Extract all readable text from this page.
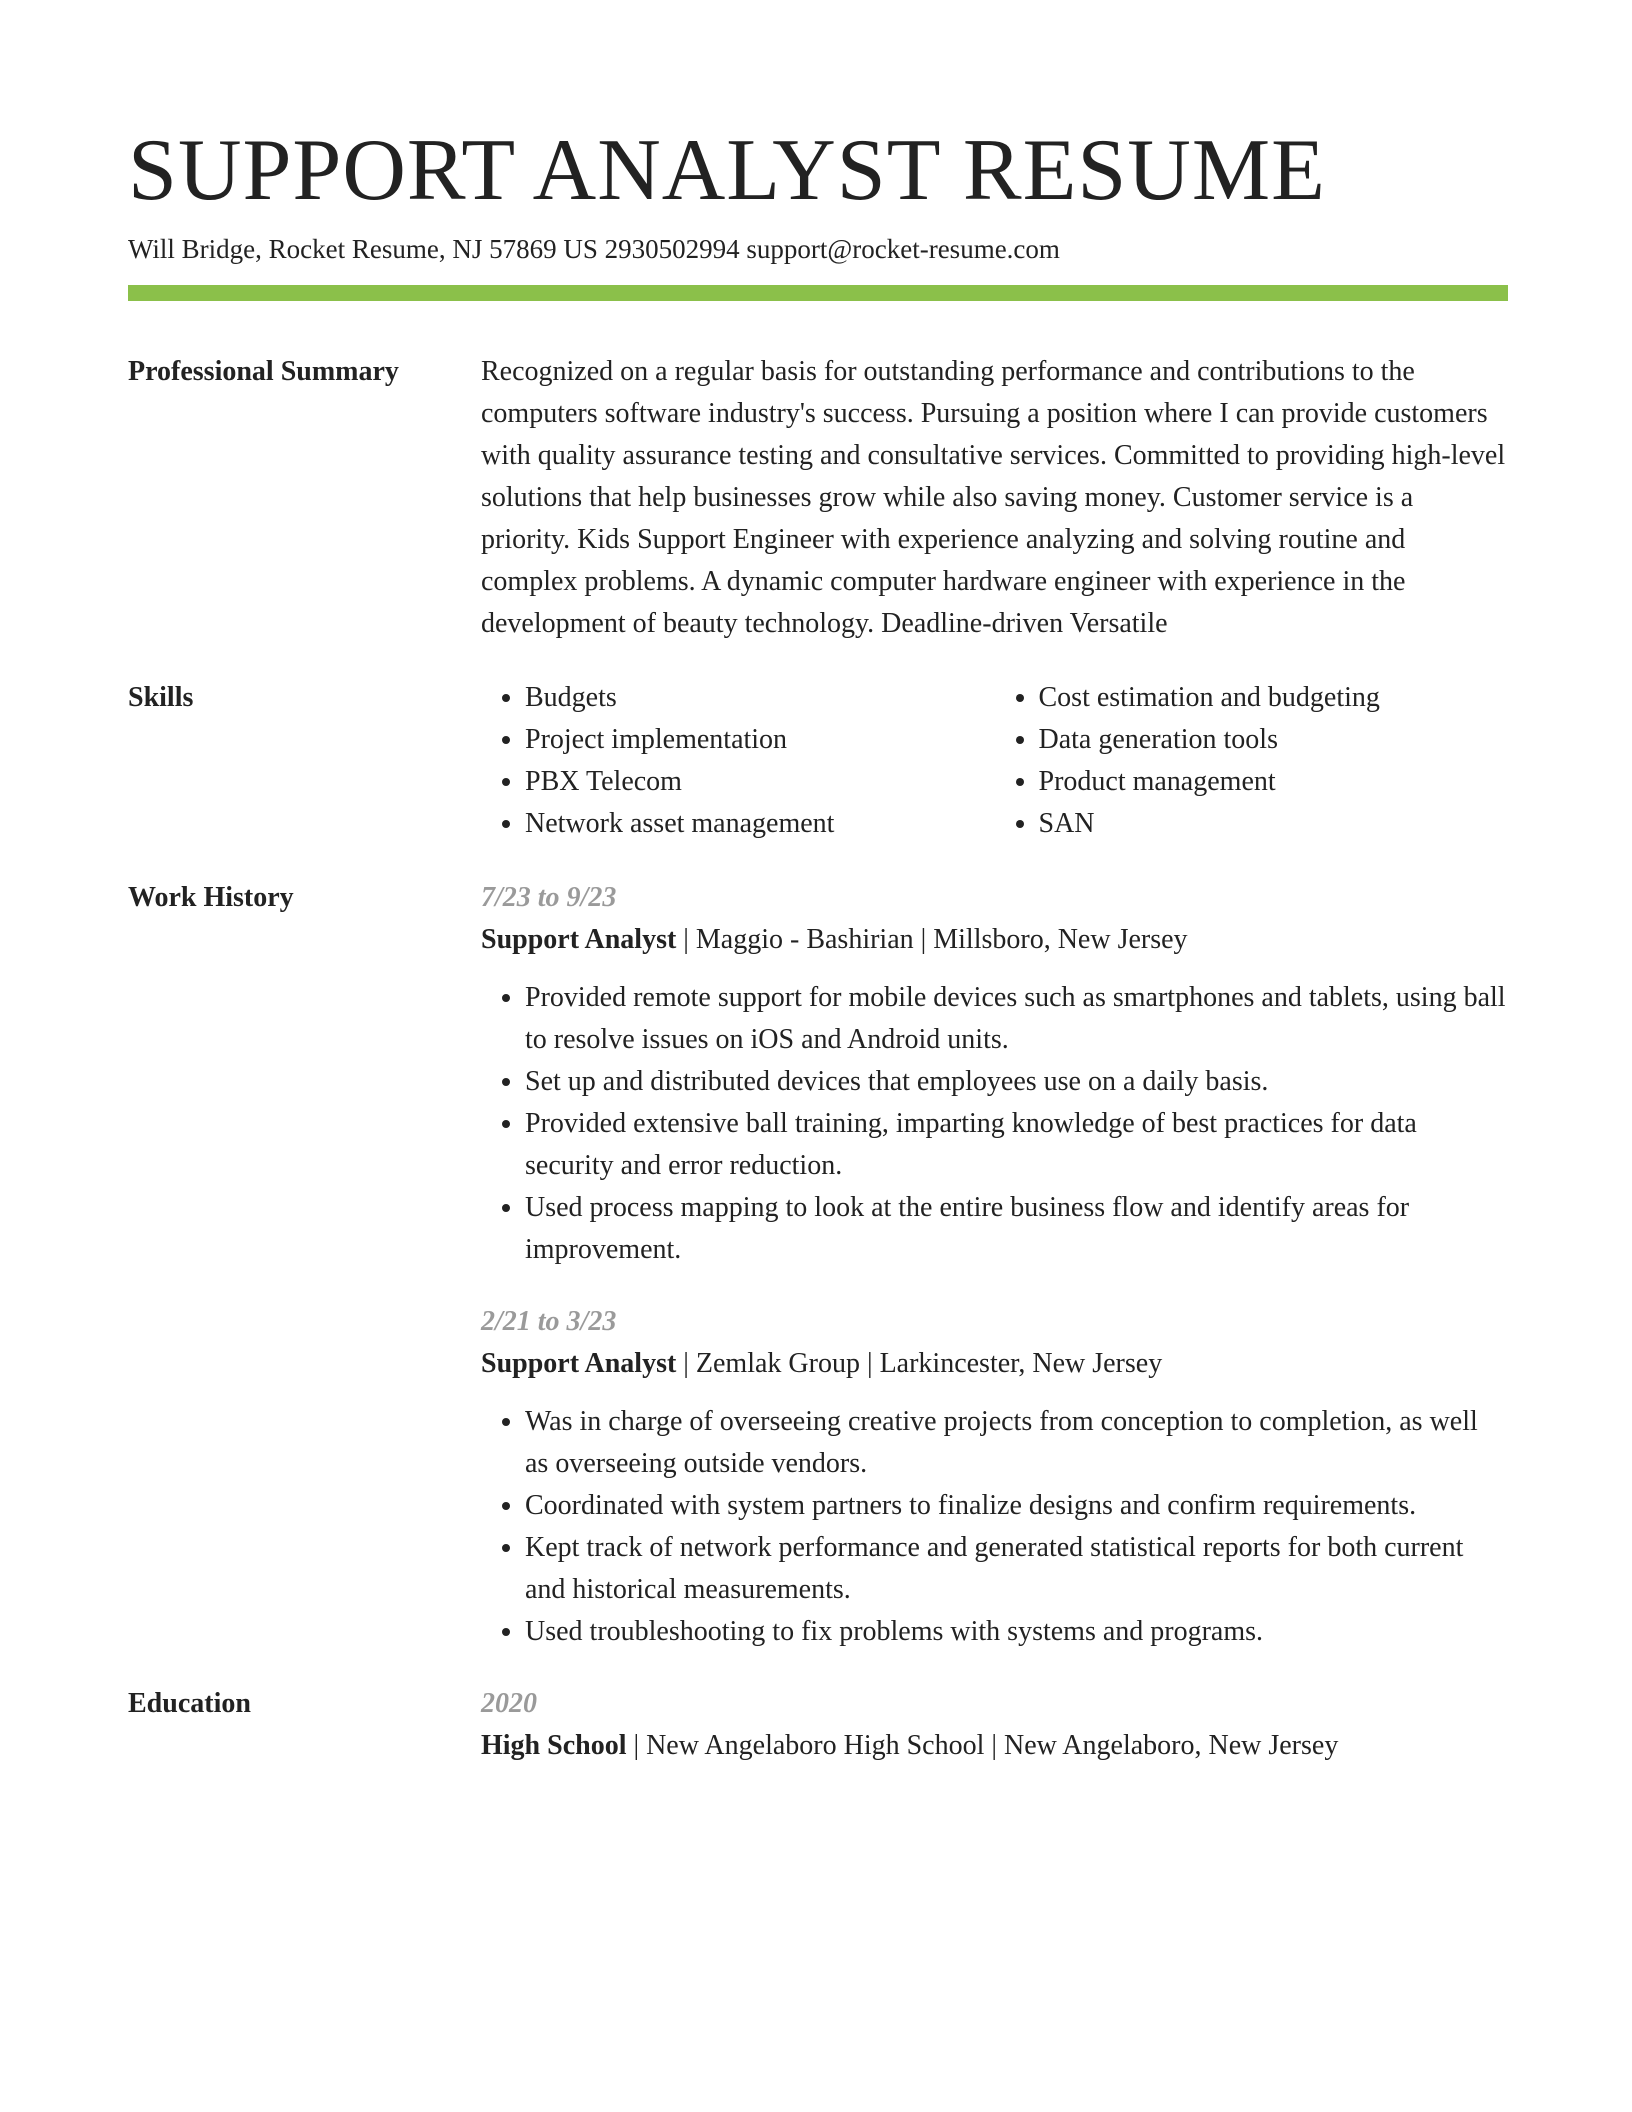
SUPPORT ANALYST RESUME
Will Bridge, Rocket Resume, NJ 57869 US 2930502994 support@rocket-resume.com
Professional Summary	Recognized on a regular basis for outstanding performance and contributions to the computers software industry's success. Pursuing a position where I can provide customers with quality assurance testing and consultative services. Committed to providing high-level solutions that help businesses grow while also saving money. Customer service is a priority. Kids Support Engineer with experience analyzing and solving routine and complex problems. A dynamic computer hardware engineer with experience in the development of beauty technology. Deadline-driven Versatile
Skills
•	Budgets
• Project implementation
• PBX Telecom
• Network asset management
• Cost estimation and budgeting
• Data generation tools
• Product management
• SAN
Work History	7/23 to 9/23
Support Analyst | Maggio - Bashirian | Millsboro, New Jersey
• Provided remote support for mobile devices such as smartphones and tablets, using ball to resolve issues on iOS and Android units.
• Set up and distributed devices that employees use on a daily basis.
• Provided extensive ball training, imparting knowledge of best practices for data security and error reduction.
• Used process mapping to look at the entire business flow and identify areas for improvement.
2/21 to 3/23
Support Analyst | Zemlak Group | Larkincester, New Jersey
• Was in charge of overseeing creative projects from conception to completion, as well as overseeing outside vendors.
• Coordinated with system partners to finalize designs and confirm requirements.
• Kept track of network performance and generated statistical reports for both current and historical measurements.
• Used troubleshooting to fix problems with systems and programs.
Education	2020
High School | New Angelaboro High School | New Angelaboro, New Jersey
